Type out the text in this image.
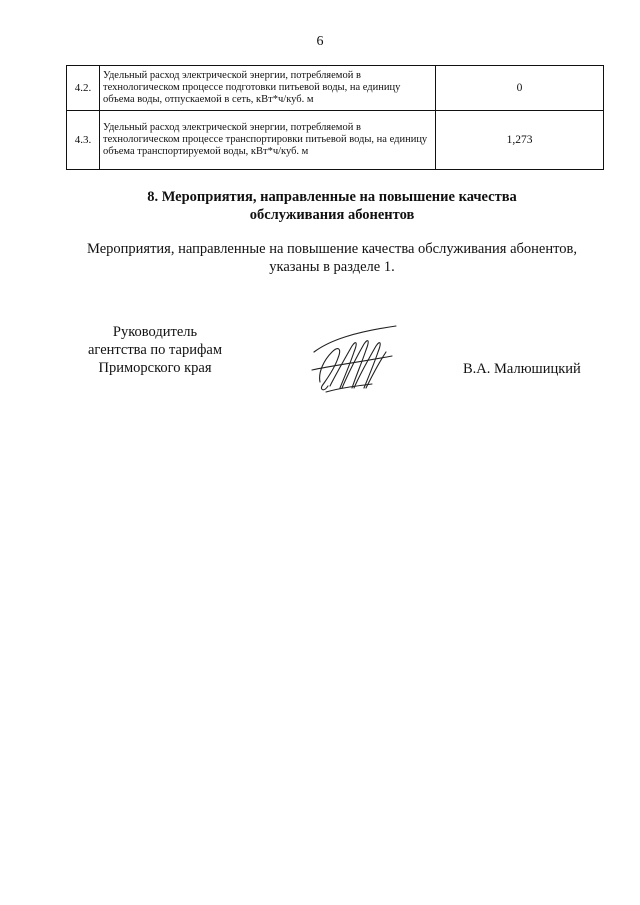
6
4.2.	Удельный расход электрической энергии, потребляемой в технологическом процессе подготовки питьевой воды, на единицу объема воды, отпускаемой в сеть, кВт*ч/куб. м	0
4.3.	Удельный расход электрической энергии, потребляемой в технологическом процессе транспортировки питьевой воды, на единицу объема транспортируемой воды, кВт*ч/куб. м	1,273
8. Мероприятия, направленные на повышение качества
обслуживания абонентов
Мероприятия, направленные на повышение качества обслуживания абонентов,
указаны в разделе 1.
Руководитель
агентства по тарифам
Приморского края	В.А. Малюшицкий
